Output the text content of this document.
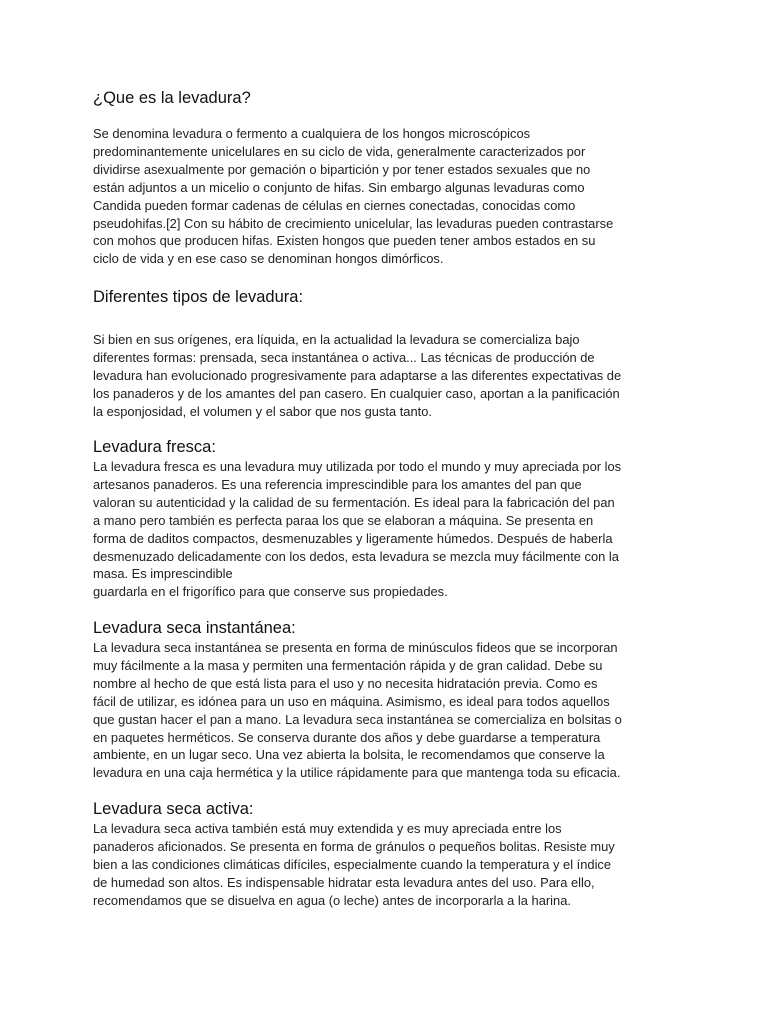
¿Que es la levadura?
Se denomina levadura o fermento a cualquiera de los hongos microscópicos
predominantemente unicelulares en su ciclo de vida, generalmente caracterizados por
dividirse asexualmente por gemación o bipartición y por tener estados sexuales que no
están adjuntos a un micelio o conjunto de hifas. Sin embargo algunas levaduras como
Candida pueden formar cadenas de células en ciernes conectadas, conocidas como
pseudohifas.[2] Con su hábito de crecimiento unicelular, las levaduras pueden contrastarse
con mohos que producen hifas. Existen hongos que pueden tener ambos estados en su
ciclo de vida y en ese caso se denominan hongos dimórficos.
Diferentes tipos de levadura:
Si bien en sus orígenes, era líquida, en la actualidad la levadura se comercializa bajo
diferentes formas: prensada, seca instantánea o activa... Las técnicas de producción de
levadura han evolucionado progresivamente para adaptarse a las diferentes expectativas de
los panaderos y de los amantes del pan casero. En cualquier caso, aportan a la panificación
la esponjosidad, el volumen y el sabor que nos gusta tanto.
Levadura fresca:
La levadura fresca es una levadura muy utilizada por todo el mundo y muy apreciada por los
artesanos panaderos. Es una referencia imprescindible para los amantes del pan que
valoran su autenticidad y la calidad de su fermentación. Es ideal para la fabricación del pan
a mano pero también es perfecta paraa los que se elaboran a máquina. Se presenta en
forma de daditos compactos, desmenuzables y ligeramente húmedos. Después de haberla
desmenuzado delicadamente con los dedos, esta levadura se mezcla muy fácilmente con la
masa. Es imprescindible
guardarla en el frigorífico para que conserve sus propiedades.
Levadura seca instantánea:
La levadura seca instantánea se presenta en forma de minúsculos fideos que se incorporan
muy fácilmente a la masa y permiten una fermentación rápida y de gran calidad. Debe su
nombre al hecho de que está lista para el uso y no necesita hidratación previa. Como es
fácil de utilizar, es idónea para un uso en máquina. Asimismo, es ideal para todos aquellos
que gustan hacer el pan a mano. La levadura seca instantánea se comercializa en bolsitas o
en paquetes herméticos. Se conserva durante dos años y debe guardarse a temperatura
ambiente, en un lugar seco. Una vez abierta la bolsita, le recomendamos que conserve la
levadura en una caja hermética y la utilice rápidamente para que mantenga toda su eficacia.
Levadura seca activa:
La levadura seca activa también está muy extendida y es muy apreciada entre los
panaderos aficionados. Se presenta en forma de gránulos o pequeños bolitas. Resiste muy
bien a las condiciones climáticas difíciles, especialmente cuando la temperatura y el índice
de humedad son altos. Es indispensable hidratar esta levadura antes del uso. Para ello,
recomendamos que se disuelva en agua (o leche) antes de incorporarla a la harina.
